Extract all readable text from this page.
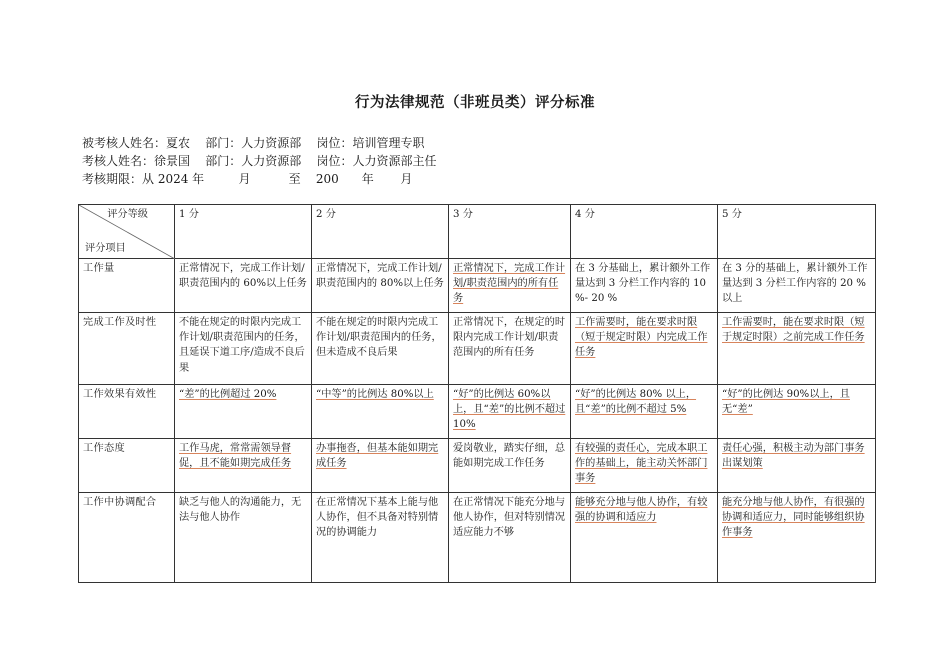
行为法律规范（非班员类）评分标准
被考核人姓名：夏农    部门：人力资源部    岗位：培训管理专职
考核人姓名：徐景国    部门：人力资源部    岗位：人力资源部主任
考核期限：从 2024 年         月          至    200      年       月
评分等级
评分项目	1 分	2 分	3 分	4 分	5 分
工作量	正常情况下，完成工作计划/职责范围内的 60%以上任务	正常情况下，完成工作计划/职责范围内的 80%以上任务	正常情况下，完成工作计划/职责范围内的所有任务	在 3 分基础上，累计额外工作量达到 3 分栏工作内容的 10 %- 20 %	在 3 分的基础上，累计额外工作量达到 3 分栏工作内容的 20 % 以上
完成工作及时性	不能在规定的时限内完成工作计划/职责范围内的任务，且延误下道工序/造成不良后果	不能在规定的时限内完成工作计划/职责范围内的任务，但未造成不良后果	正常情况下，在规定的时限内完成工作计划/职责范围内的所有任务	工作需要时，能在要求时限（短于规定时限）内完成工作任务	工作需要时，能在要求时限（短于规定时限）之前完成工作任务
工作效果有效性	“差”的比例超过 20%	“中等”的比例达 80%以上	“好”的比例达 60%以上，且“差”的比例不超过 10%	“好”的比例达 80% 以上，且“差”的比例不超过 5%	“好”的比例达 90%以上，且无“差”
工作态度	工作马虎，常常需领导督促，且不能如期完成任务	办事拖沓，但基本能如期完成任务	爱岗敬业，踏实仔细，总能如期完成工作任务	有较强的责任心，完成本职工作的基础上，能主动关怀部门事务	责任心强，积极主动为部门事务出谋划策
工作中协调配合	缺乏与他人的沟通能力，无法与他人协作	在正常情况下基本上能与他人协作，但不具备对特别情况的协调能力	在正常情况下能充分地与他人协作，但对特别情况适应能力不够	能够充分地与他人协作，有较强的协调和适应力	能充分地与他人协作，有很强的协调和适应力，同时能够组织协作事务
